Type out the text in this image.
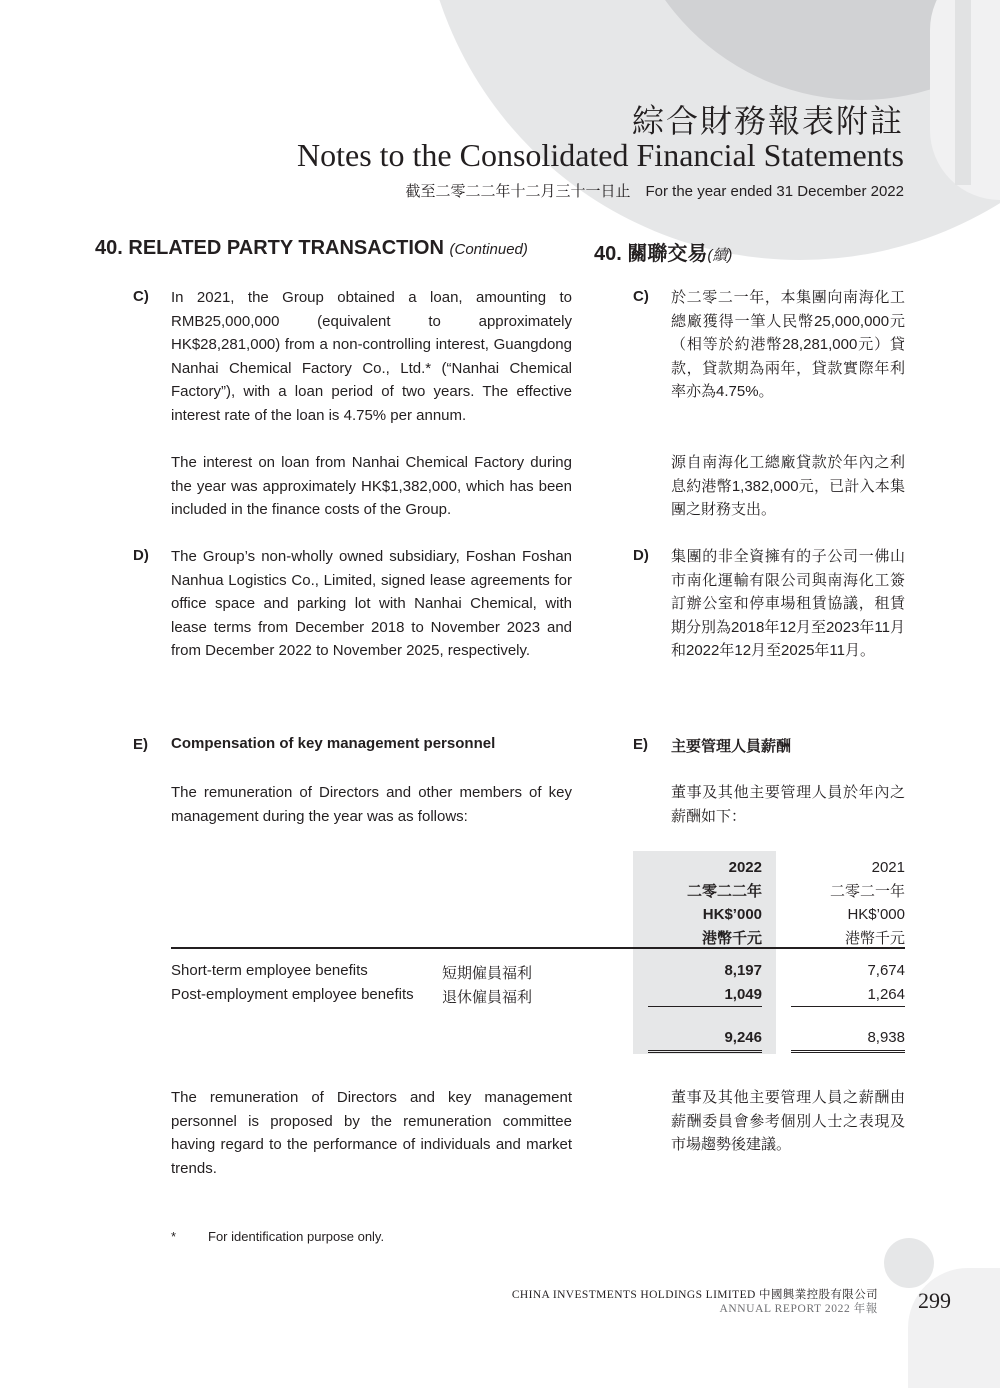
綜合財務報表附註
Notes to the Consolidated Financial Statements
截至二零二二年十二月三十一日止　For the year ended 31 December 2022
40. RELATED PARTY TRANSACTION (Continued)	40. 關聯交易(續)
C) In 2021, the Group obtained a loan, amounting to RMB25,000,000 (equivalent to approximately HK$28,281,000) from a non-controlling interest, Guangdong Nanhai Chemical Factory Co., Ltd.* (“Nanhai Chemical Factory”), with a loan period of two years. The effective interest rate of the loan is 4.75% per annum.
The interest on loan from Nanhai Chemical Factory during the year was approximately HK$1,382,000, which has been included in the finance costs of the Group.
C) 於二零二一年，本集團向南海化工總廠獲得一筆人民幣25,000,000元（相等於約港幣28,281,000元）貸款，貸款期為兩年，貸款實際年利率亦為4.75%。
源自南海化工總廠貸款於年內之利息約港幣1,382,000元，已計入本集團之財務支出。
D) The Group’s non-wholly owned subsidiary, Foshan Foshan Nanhua Logistics Co., Limited, signed lease agreements for office space and parking lot with Nanhai Chemical, with lease terms from December 2018 to November 2023 and from December 2022 to November 2025, respectively.
D) 集團的非全資擁有的子公司一佛山市南化運輸有限公司與南海化工簽訂辦公室和停車場租賃協議，租賃期分別為2018年12月至2023年11月和2022年12月至2025年11月。
E) Compensation of key management personnel	E) 主要管理人員薪酬
The remuneration of Directors and other members of key management during the year was as follows:
董事及其他主要管理人員於年內之薪酬如下：
2022
二零二二年
HK$’000
港幣千元
2021
二零二一年
HK$’000
港幣千元
Short-term employee benefits	短期僱員福利	8,197	7,674
Post-employment employee benefits 退休僱員福利	1,049	1,264
9,246	8,938
The remuneration of Directors and key management personnel is proposed by the remuneration committee having regard to the performance of individuals and market trends.
董事及其他主要管理人員之薪酬由薪酬委員會參考個別人士之表現及市場趨勢後建議。
* For identification purpose only.
CHINA INVESTMENTS HOLDINGS LIMITED 中國興業控股有限公司
ANNUAL REPORT 2022 年報 299
